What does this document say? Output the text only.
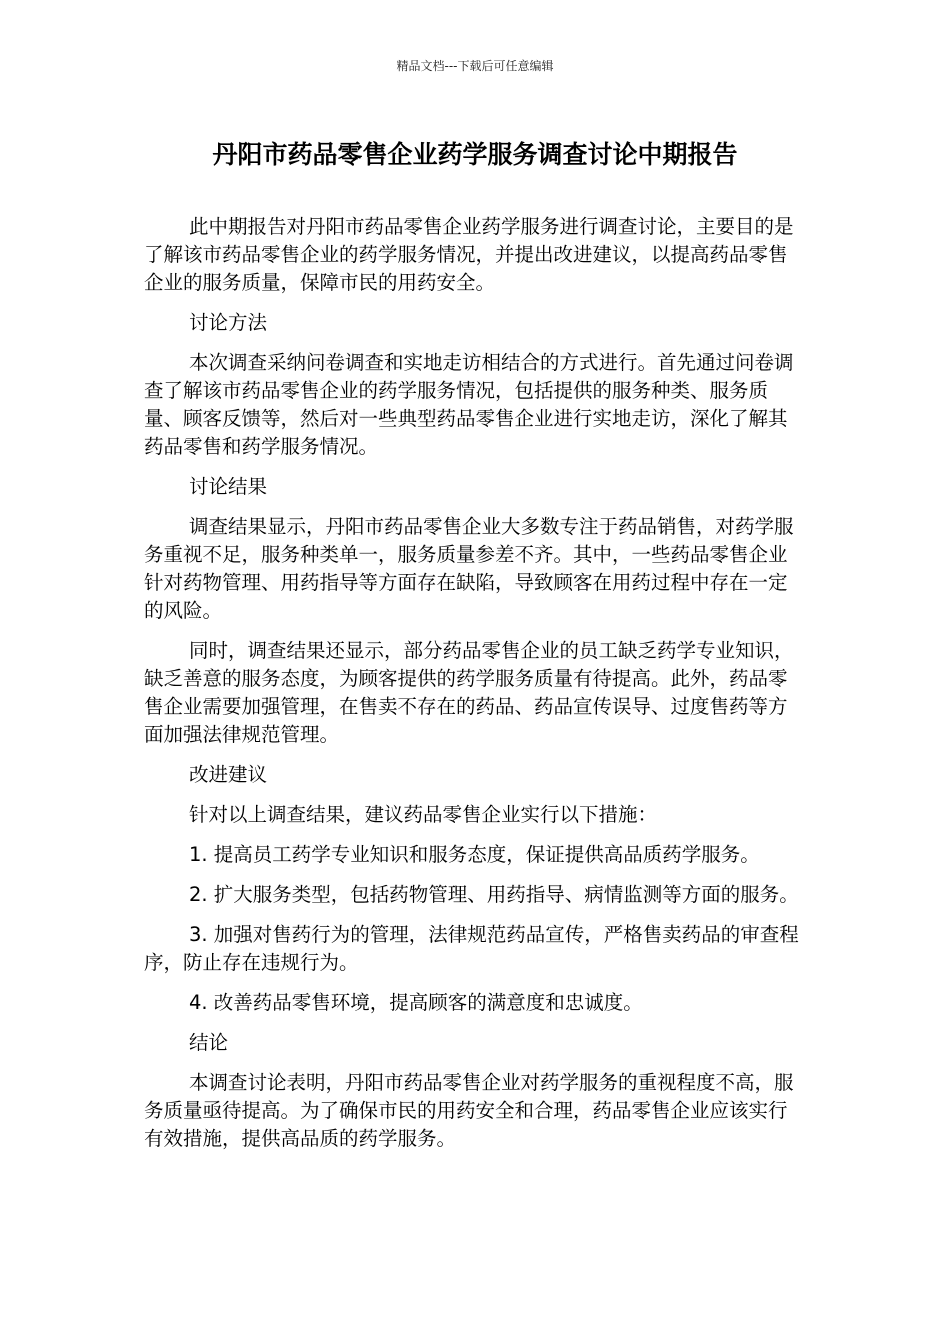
精品文档---下载后可任意编辑
丹阳市药品零售企业药学服务调查讨论中期报告

此中期报告对丹阳市药品零售企业药学服务进行调查讨论，主要目的是了解该市药品零售企业的药学服务情况，并提出改进建议，以提高药品零售企业的服务质量，保障市民的用药安全。

讨论方法

本次调查采纳问卷调查和实地走访相结合的方式进行。首先通过问卷调查了解该市药品零售企业的药学服务情况，包括提供的服务种类、服务质量、顾客反馈等，然后对一些典型药品零售企业进行实地走访，深化了解其药品零售和药学服务情况。

讨论结果

调查结果显示，丹阳市药品零售企业大多数专注于药品销售，对药学服务重视不足，服务种类单一，服务质量参差不齐。其中，一些药品零售企业针对药物管理、用药指导等方面存在缺陷，导致顾客在用药过程中存在一定的风险。

同时，调查结果还显示，部分药品零售企业的员工缺乏药学专业知识，缺乏善意的服务态度，为顾客提供的药学服务质量有待提高。此外，药品零售企业需要加强管理，在售卖不存在的药品、药品宣传误导、过度售药等方面加强法律规范管理。

改进建议

针对以上调查结果，建议药品零售企业实行以下措施：

1. 提高员工药学专业知识和服务态度，保证提供高品质药学服务。

2. 扩大服务类型，包括药物管理、用药指导、病情监测等方面的服务。

3. 加强对售药行为的管理，法律规范药品宣传，严格售卖药品的审查程序，防止存在违规行为。

4. 改善药品零售环境，提高顾客的满意度和忠诚度。

结论

本调查讨论表明，丹阳市药品零售企业对药学服务的重视程度不高，服务质量亟待提高。为了确保市民的用药安全和合理，药品零售企业应该实行有效措施，提供高品质的药学服务。
